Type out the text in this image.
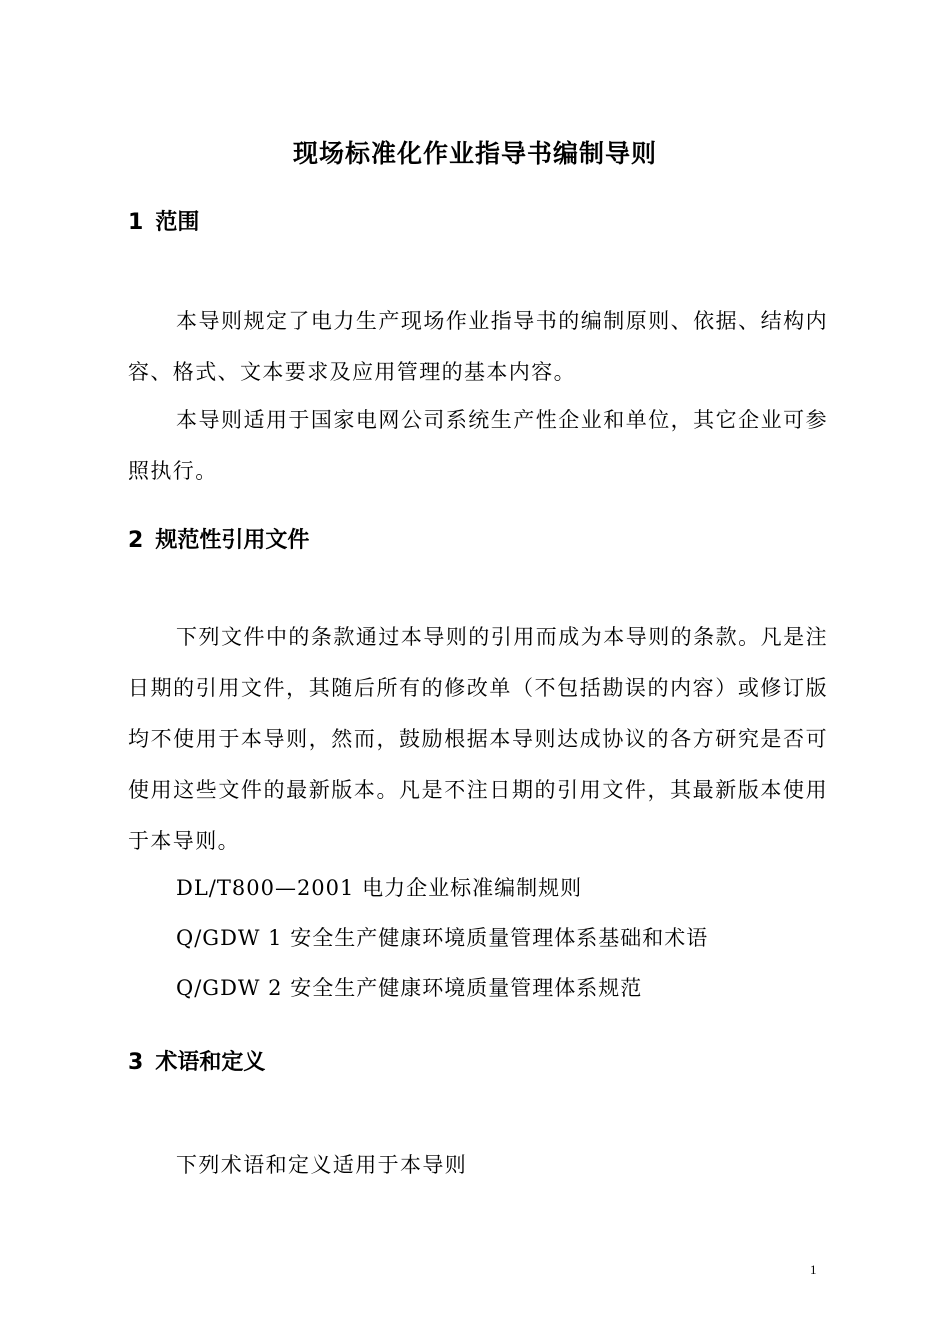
现场标准化作业指导书编制导则
1 范围
本导则规定了电力生产现场作业指导书的编制原则、依据、结构内容、格式、文本要求及应用管理的基本内容。
本导则适用于国家电网公司系统生产性企业和单位，其它企业可参照执行。
2 规范性引用文件
下列文件中的条款通过本导则的引用而成为本导则的条款。凡是注日期的引用文件，其随后所有的修改单（不包括勘误的内容）或修订版均不使用于本导则，然而，鼓励根据本导则达成协议的各方研究是否可使用这些文件的最新版本。凡是不注日期的引用文件，其最新版本使用于本导则。
DL/T800—2001 电力企业标准编制规则
Q/GDW 1 安全生产健康环境质量管理体系基础和术语
Q/GDW 2 安全生产健康环境质量管理体系规范
3 术语和定义
下列术语和定义适用于本导则
1
